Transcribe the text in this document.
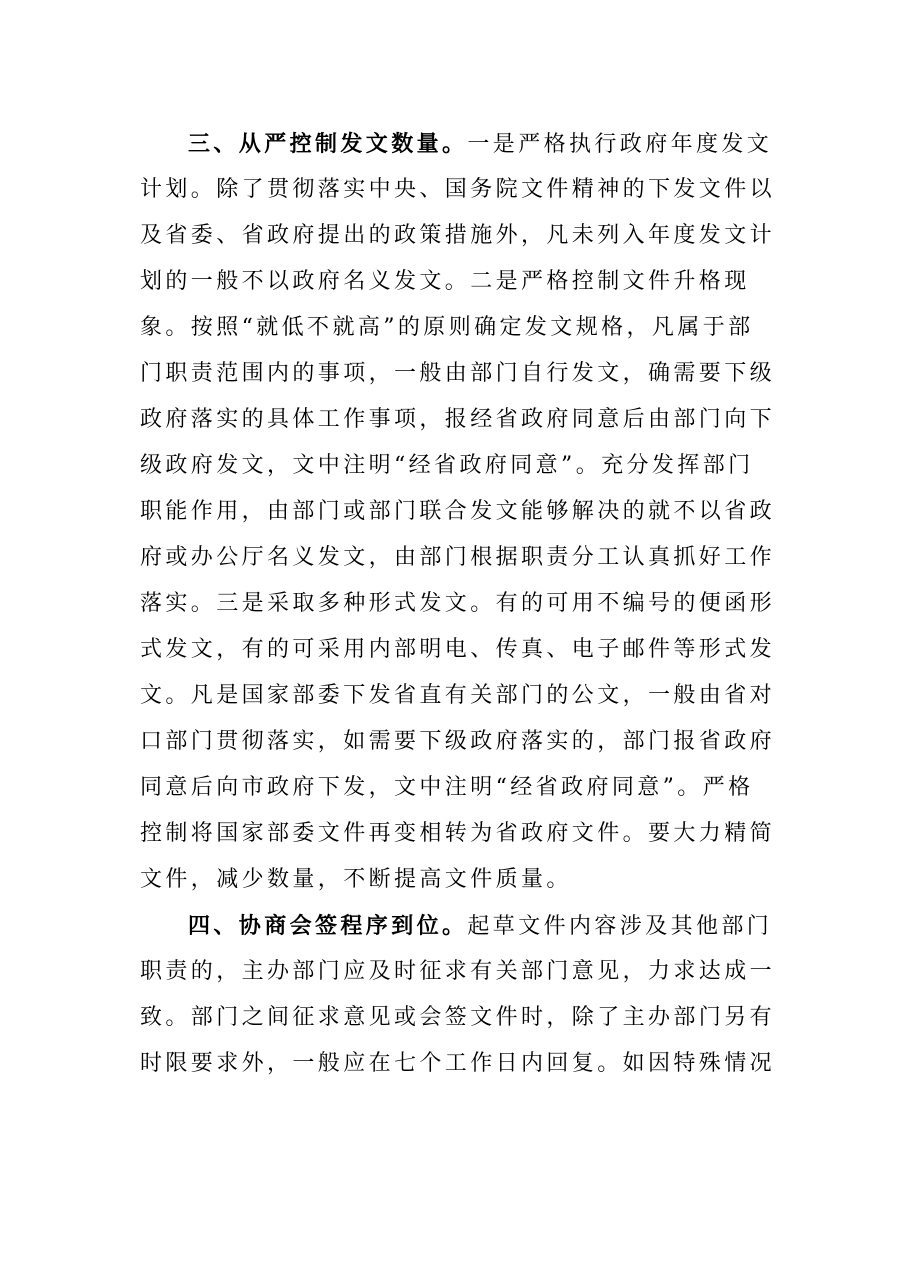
三、从严控制发文数量。一是严格执行政府年度发文
计划。除了贯彻落实中央、国务院文件精神的下发文件以
及省委、省政府提出的政策措施外，凡未列入年度发文计
划的一般不以政府名义发文。二是严格控制文件升格现
象。按照“就低不就高”的原则确定发文规格，凡属于部
门职责范围内的事项，一般由部门自行发文，确需要下级
政府落实的具体工作事项，报经省政府同意后由部门向下
级政府发文，文中注明“经省政府同意”。充分发挥部门
职能作用，由部门或部门联合发文能够解决的就不以省政
府或办公厅名义发文，由部门根据职责分工认真抓好工作
落实。三是采取多种形式发文。有的可用不编号的便函形
式发文，有的可采用内部明电、传真、电子邮件等形式发
文。凡是国家部委下发省直有关部门的公文，一般由省对
口部门贯彻落实，如需要下级政府落实的，部门报省政府
同意后向市政府下发，文中注明“经省政府同意”。严格
控制将国家部委文件再变相转为省政府文件。要大力精简
文件，减少数量，不断提高文件质量。
四、协商会签程序到位。起草文件内容涉及其他部门
职责的，主办部门应及时征求有关部门意见，力求达成一
致。部门之间征求意见或会签文件时，除了主办部门另有
时限要求外，一般应在七个工作日内回复。如因特殊情况
